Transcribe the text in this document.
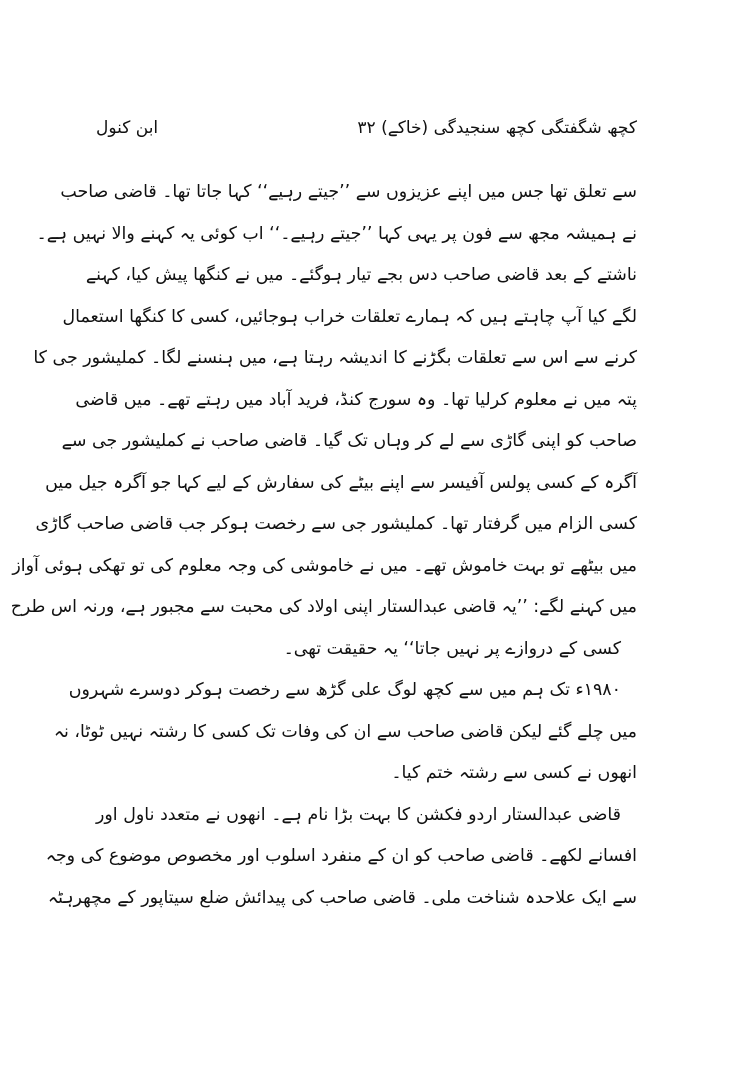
کچھ شگفتگی کچھ سنجیدگی (خاکے)
۳۲
ابن کنول
سے تعلق تھا جس میں اپنے عزیزوں سے ’’جیتے رہیے‘‘ کہا جاتا تھا۔ قاضی صاحب
نے ہمیشہ مجھ سے فون پر یہی کہا ’’جیتے رہیے۔‘‘ اب کوئی یہ کہنے والا نہیں ہے۔
ناشتے کے بعد قاضی صاحب دس بجے تیار ہوگئے۔ میں نے کنگھا پیش کیا، کہنے
لگے کیا آپ چاہتے ہیں کہ ہمارے تعلقات خراب ہوجائیں، کسی کا کنگھا استعمال
کرنے سے اس سے تعلقات بگڑنے کا اندیشہ رہتا ہے، میں ہنسنے لگا۔ کملیشور جی کا
پتہ میں نے معلوم کرلیا تھا۔ وہ سورج کنڈ، فرید آباد میں رہتے تھے۔ میں قاضی
صاحب کو اپنی گاڑی سے لے کر وہاں تک گیا۔ قاضی صاحب نے کملیشور جی سے
آگرہ کے کسی پولس آفیسر سے اپنے بیٹے کی سفارش کے لیے کہا جو آگرہ جیل میں
کسی الزام میں گرفتار تھا۔ کملیشور جی سے رخصت ہوکر جب قاضی صاحب گاڑی
میں بیٹھے تو بہت خاموش تھے۔ میں نے خاموشی کی وجہ معلوم کی تو تھکی ہوئی آواز
میں کہنے لگے: ’’یہ قاضی عبدالستار اپنی اولاد کی محبت سے مجبور ہے، ورنہ اس طرح
کسی کے دروازے پر نہیں جاتا‘‘ یہ حقیقت تھی۔
۱۹۸۰ء تک ہم میں سے کچھ لوگ علی گڑھ سے رخصت ہوکر دوسرے شہروں
میں چلے گئے لیکن قاضی صاحب سے ان کی وفات تک کسی کا رشتہ نہیں ٹوٹا، نہ
انھوں نے کسی سے رشتہ ختم کیا۔
قاضی عبدالستار اردو فکشن کا بہت بڑا نام ہے۔ انھوں نے متعدد ناول اور
افسانے لکھے۔ قاضی صاحب کو ان کے منفرد اسلوب اور مخصوص موضوع کی وجہ
سے ایک علاحدہ شناخت ملی۔ قاضی صاحب کی پیدائش ضلع سیتاپور کے مچھرہٹہ
